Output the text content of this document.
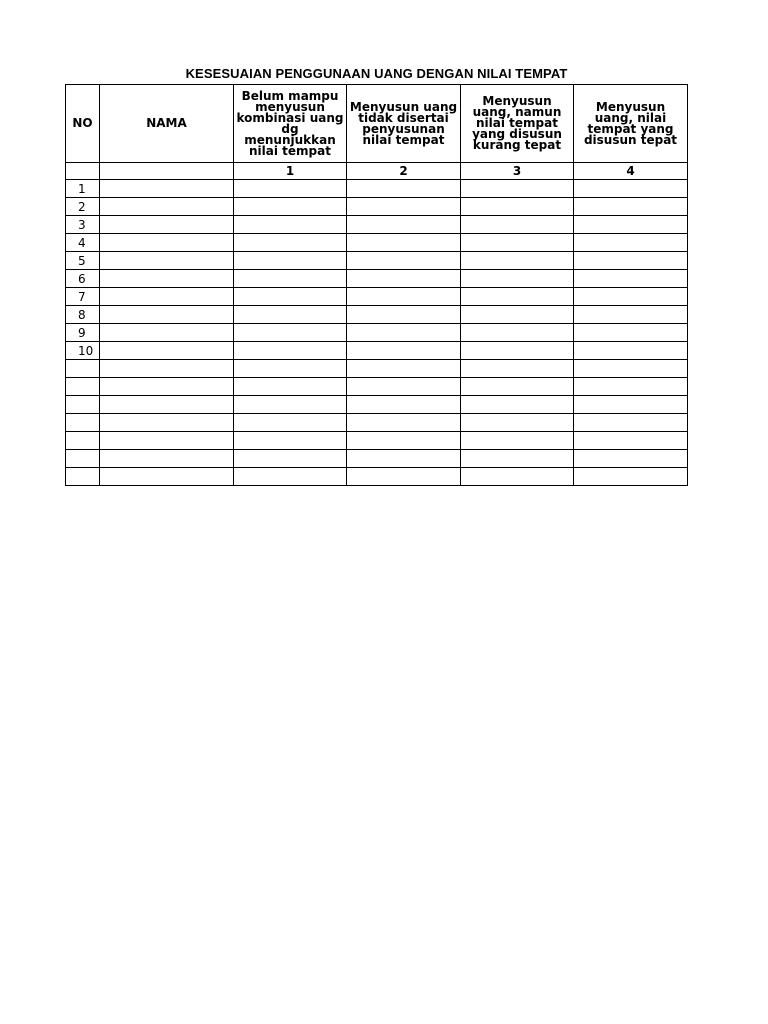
KESESUAIAN PENGGUNAAN UANG DENGAN NILAI TEMPAT
NO	NAMA	Belum mampu menyusun kombinasi uang dg menunjukkan nilai tempat	Menyusun uang tidak disertai penyusunan nilai tempat	Menyusun uang, namun nilai tempat yang disusun kurang tepat	Menyusun uang, nilai tempat yang disusun tepat

		1	2	3	4
1					
2					
3					
4					
5					
6					
7					
8					
9					
10					
